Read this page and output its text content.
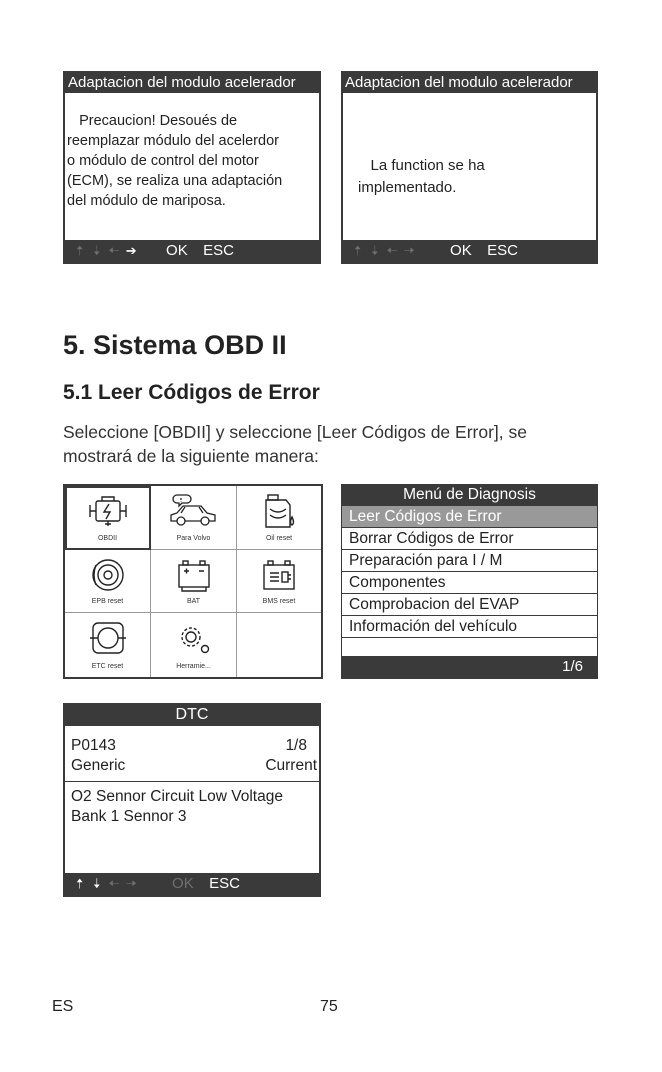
Adaptacion del modulo acelerador

Precaucion! Desoués de

reemplazar módulo del acelerdor

o módulo de control del motor

(ECM), se realiza una adaptación

del módulo de mariposa.

🠡 🠣 🠠 ➔ OK ESC
Adaptacion del modulo acelerador

La function se ha

implementado.

🠡 🠣 🠠 🠢 OK ESC
5. Sistema OBD II
5.1 Leer Códigos de Error

Seleccione [OBDII] y seleccione [Leer Códigos de Error], se
mostrará de la siguiente manera:

OBDII	Para Volvo	Oil reset
EPB reset	BAT	BMS reset
ETC reset	Herramie...
Menú de Diagnosis
Leer Códigos de Error
Borrar Códigos de Error
Preparación para I / M
Componentes
Comprobacion del EVAP
Información del vehículo
1/6
DTC
P0143	1/8
Generic	Current

O2 Sennor Circuit Low Voltage

Bank 1 Sennor 3

🠡 🠣 🠠 🠢 OK ESC
ES	75
